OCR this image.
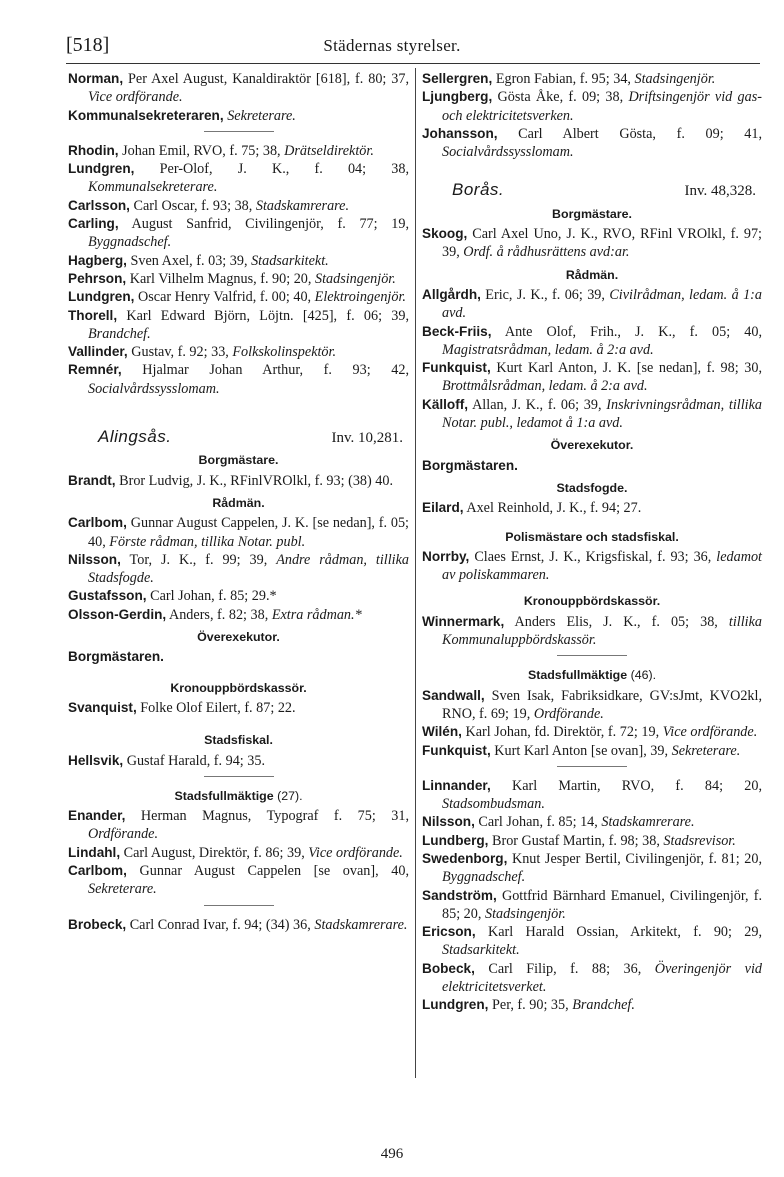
[518]	Städernas styrelser.

Norman, Per Axel August, Kanaldiraktör [618], f. 80; 37, Vice ordförande.

Kommunalsekreteraren, Sekreterare.

Rhodin, Johan Emil, RVO, f. 75; 38, Drätseldirektör.

Lundgren, Per-Olof, J. K., f. 04; 38, Kommunalsekreterare.

Carlsson, Carl Oscar, f. 93; 38, Stadskamrerare.

Carling, August Sanfrid, Civilingenjör, f. 77; 19, Byggnadschef.

Hagberg, Sven Axel, f. 03; 39, Stadsarkitekt.

Pehrson, Karl Vilhelm Magnus, f. 90; 20, Stadsingenjör.

Lundgren, Oscar Henry Valfrid, f. 00; 40, Elektroingenjör.

Thorell, Karl Edward Björn, Löjtn. [425], f. 06; 39, Brandchef.

Vallinder, Gustav, f. 92; 33, Folkskolinspektör.

Remnér, Hjalmar Johan Arthur, f. 93; 42, Socialvårdssysslomam.

Alingsås.	Inv. 10,281.
Borgmästare.

Brandt, Bror Ludvig, J. K., RFinlVROlkl, f. 93; (38) 40.

Rådmän.

Carlbom, Gunnar August Cappelen, J. K. [se nedan], f. 05; 40, Förste rådman, tillika Notar. publ.

Nilsson, Tor, J. K., f. 99; 39, Andre rådman, tillika Stadsfogde.

Gustafsson, Carl Johan, f. 85; 29.*

Olsson-Gerdin, Anders, f. 82; 38, Extra rådman.*

Överexekutor.
Borgmästaren.
Kronouppbördskassör.

Svanquist, Folke Olof Eilert, f. 87; 22.

Stadsfiskal.

Hellsvik, Gustaf Harald, f. 94; 35.

Stadsfullmäktige (27).

Enander, Herman Magnus, Typograf f. 75; 31, Ordförande.

Lindahl, Carl August, Direktör, f. 86; 39, Vice ordförande.

Carlbom, Gunnar August Cappelen [se ovan], 40, Sekreterare.

Brobeck, Carl Conrad Ivar, f. 94; (34) 36, Stadskamrerare.

Sellergren, Egron Fabian, f. 95; 34, Stadsingenjör.

Ljungberg, Gösta Åke, f. 09; 38, Driftsingenjör vid gas- och elektricitetsverken.

Johansson, Carl Albert Gösta, f. 09; 41, Socialvårdssysslomam.

Borås.	Inv. 48,328.
Borgmästare.

Skoog, Carl Axel Uno, J. K., RVO, RFinl VROlkl, f. 97; 39, Ordf. å rådhusrättens avd:ar.

Rådmän.

Allgårdh, Eric, J. K., f. 06; 39, Civilrådman, ledam. å 1:a avd.

Beck-Friis, Ante Olof, Frih., J. K., f. 05; 40, Magistratsrådman, ledam. å 2:a avd.

Funkquist, Kurt Karl Anton, J. K. [se nedan], f. 98; 30, Brottmålsrådman, ledam. å 2:a avd.

Källoff, Allan, J. K., f. 06; 39, Inskrivningsrådman, tillika Notar. publ., ledamot å 1:a avd.

Överexekutor.
Borgmästaren.
Stadsfogde.

Eilard, Axel Reinhold, J. K., f. 94; 27.

Polismästare och stadsfiskal.

Norrby, Claes Ernst, J. K., Krigsfiskal, f. 93; 36, ledamot av poliskammaren.

Kronouppbördskassör.

Winnermark, Anders Elis, J. K., f. 05; 38, tillika Kommunaluppbördskassör.

Stadsfullmäktige (46).

Sandwall, Sven Isak, Fabriksidkare, GV:sJmt, KVO2kl, RNO, f. 69; 19, Ordförande.

Wilén, Karl Johan, fd. Direktör, f. 72; 19, Vice ordförande.

Funkquist, Kurt Karl Anton [se ovan], 39, Sekreterare.

Linnander, Karl Martin, RVO, f. 84; 20, Stadsombudsman.

Nilsson, Carl Johan, f. 85; 14, Stadskamrerare.

Lundberg, Bror Gustaf Martin, f. 98; 38, Stadsrevisor.

Swedenborg, Knut Jesper Bertil, Civilingenjör, f. 81; 20, Byggnadschef.

Sandström, Gottfrid Bärnhard Emanuel, Civilingenjör, f. 85; 20, Stadsingenjör.

Ericson, Karl Harald Ossian, Arkitekt, f. 90; 29, Stadsarkitekt.

Bobeck, Carl Filip, f. 88; 36, Överingenjör vid elektricitetsverket.

Lundgren, Per, f. 90; 35, Brandchef.

496
